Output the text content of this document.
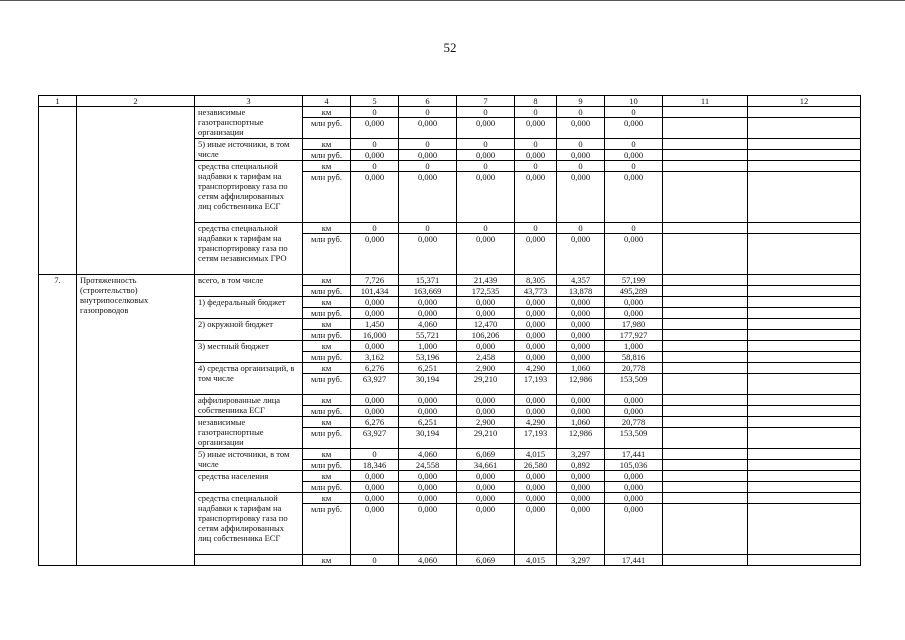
52
1	2	3	4	5	6	7	8	9	10	11	12
		независимые газотранспортные организации	км	0	0	0	0	0	0		
			млн руб.	0,000	0,000	0,000	0,000	0,000	0,000		
		5) иные источники, в том числе	км	0	0	0	0	0	0		
			млн руб.	0,000	0,000	0,000	0,000	0,000	0,000		
		средства специальной надбавки к тарифам на транспортировку газа по сетям аффилированных лиц собственника ЕСГ	км	0	0	0	0	0	0		
			млн руб.	0,000	0,000	0,000	0,000	0,000	0,000		
		средства специальной надбавки к тарифам на транспортировку газа по сетям независимых ГРО	км	0	0	0	0	0	0		
			млн руб.	0,000	0,000	0,000	0,000	0,000	0,000		
7.	Протяженность (строительство) внутрипоселковых газопроводов	всего, в том числе	км	7,726	15,371	21,439	8,305	4,357	57,199		
			млн руб.	101,434	163,669	172,535	43,773	13,878	495,289		
		1) федеральный бюджет	км	0,000	0,000	0,000	0,000	0,000	0,000		
			млн руб.	0,000	0,000	0,000	0,000	0,000	0,000		
		2) окружной бюджет	км	1,450	4,060	12,470	0,000	0,000	17,980		
			млн руб.	16,000	55,721	106,206	0,000	0,000	177,927		
		3) местный бюджет	км	0,000	1,000	0,000	0,000	0,000	1,000		
			млн руб.	3,162	53,196	2,458	0,000	0,000	58,816		
		4) средства организаций, в том числе	км	6,276	6,251	2,900	4,290	1,060	20,778		
			млн руб.	63,927	30,194	29,210	17,193	12,986	153,509		
		аффилированные лица собственника ЕСГ	км	0,000	0,000	0,000	0,000	0,000	0,000		
			млн руб.	0,000	0,000	0,000	0,000	0,000	0,000		
		независимые газотранспортные организации	км	6,276	6,251	2,900	4,290	1,060	20,778		
			млн руб.	63,927	30,194	29,210	17,193	12,986	153,509		
		5) иные источники, в том числе	км	0	4,060	6,069	4,015	3,297	17,441		
			млн руб.	18,346	24,558	34,661	26,580	0,892	105,036		
		средства населения	км	0,000	0,000	0,000	0,000	0,000	0,000		
			млн руб.	0,000	0,000	0,000	0,000	0,000	0,000		
		средства специальной надбавки к тарифам на транспортировку газа по сетям аффилированных лиц собственника ЕСГ	км	0,000	0,000	0,000	0,000	0,000	0,000		
			млн руб.	0,000	0,000	0,000	0,000	0,000	0,000		
			км	0	4,060	6,069	4,015	3,297	17,441		
